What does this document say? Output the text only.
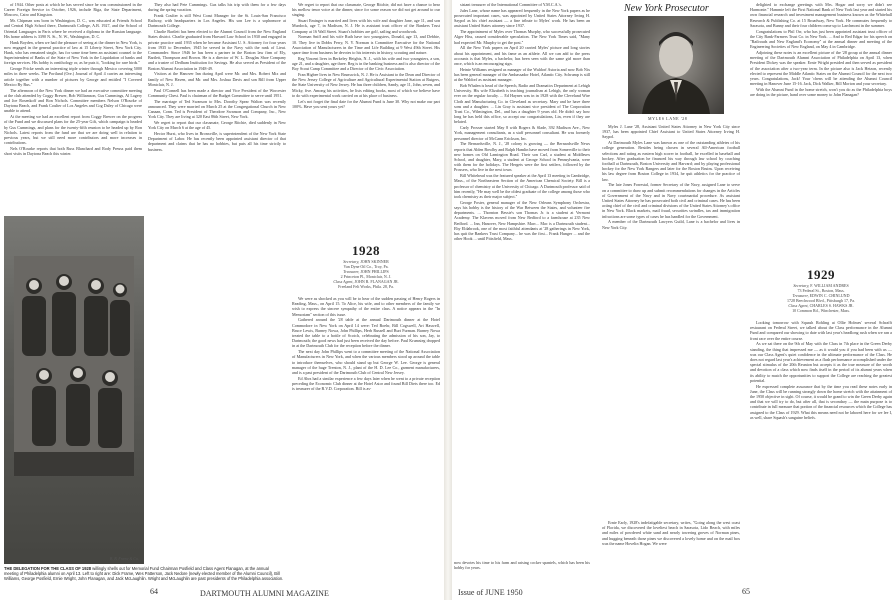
of 1944. Other posts at which he has served since he was commissioned in the Career Foreign Service in October, 1926, include Riga, the State Department, Moscow, Cairo and Kingston.

Mr. Chipman was born in Washington, D. C., was educated at Friends School and Central High School there, Dartmouth College, A.B. 1927, and the School of Oriental Languages in Paris where he received a diploma in the Russian language. His home address is 3390 N. St., N. W., Washington, D. C.

Hank Boyden, when we had the pleasure of seeing at the dinner in New York, is now engaged in the general practice of law at 15 Liberty Street, New York City. Hank, who has remained single, has for some time been an assistant counsel to the Superintendent of Banks of the State of New York in the Liquidation of banks and foreign services. His hobby is ornithology or, as he puts it, "looking for rare birds."

George Fricke sends an interesting triple winter through Mexico covering 5000 miles in three weeks. The Portland (Ore.) Journal of April 4 carries an interesting article together with a number of pictures by George and entitled "I Covered Mexico By Bus."

The afternoon of the New York dinner we had an executive committee meeting at the club attended by Coggy Brewer, Bob Williamson, Gus Cummings, Al Lagery and Joe Rosenkoff and Ron Nichols. Committee members Nelson O'Rourke of Daytona Beach, and Frank Coulter of Los Angeles and Cog Daley of Chicago were unable to attend.

At the meeting we had an excellent report from Coggy Brewer on the progress of the Fund and we discussed plans for the 25-year Gift, which campaign is headed by Gus Cummings, and plans for the twenty-fifth reunion to be headed up by Ron Nichols. Latest reports from the fund are that we are doing well in relation to previous years, but we still need more contributors and more increases in contributions.

Nels O'Rourke reports that both Russ Blanchard and Rody Preuss paid them short visits in Daytona Beach this winter.

B. B. Frame & Co.

They also had Pete Cummings. Gus talks his trip with them for a few days during the spring vacation.

Frank Coulter is still West Coast Manager for the St. Louis-San Francisco Railway, with headquarters in Los Angeles. His son Lee is a sophomore at Dartmouth College.

Charlie Bartlett has been elected to the Alumni Council from the New England States district. Charlie graduated from Harvard Law School in 1930 and engaged in private practice until 1935 when he became Assistant U. S. Attorney for four years from 1935 to December, 1945 he served in the Navy with the rank of Lieut. Commander. Since 1946 he has been a partner in the Boston law firm of Ely, Bartlett, Thompson and Brown. He is a director of W. L. Douglas Shoe Company and a trustee of Dedham Institution for Savings. He also served as President of the Boston Alumni Association in 1948-49.

Visitors at the Hanover Inn during April were Mr. and Mrs. Robert Mix and family of New Haven, and Mr. and Mrs. Joshua Davis and son Bill from Upper Montclair, N. J.

Paul O'Connell has been made a director and Vice President of the Worcester Community Chest. Paul is chairman of the Budget Committee to serve until 1951.

The marriage of Ted Swanson to Mrs. Dorothy Spear Walton was recently announced. They were married on March 25 at the Congregational Church in New Canaan, Conn. Ted is President of Theodore Swanson and Company, Inc., New York City. They are living at 320 East 86th Street, New York.

We regret to report that our classmate, George Ritchie, died suddenly in New York City on March 6 at the age of 45.

Hector Hurst, who lives in Bronxville, is superintendent of the New York State Department of Labor. He has recently been appointed assistant director of that department and claims that he has no hobbies, but puts all his time strictly to business.

We regret to report that our classmate, George Ritchie, did not have a chance to hear his mellow tenor voice at the dinner, since for some reason we did not get around to our singing.

Stuart Eminger is married and lives with his wife and daughter Jane, age 11, and son Murdock, age 7, in Madison, N. J. He is assistant trust officer of the Bankers Trust Company at 16 Wall Street. Stuart's hobbies are golf, sailing and woodwork.

Norman Sniff and his wife Ruth have two youngsters, Donald, age 13, and Debbie, 10. They live in Dobbs Ferry, N. Y. Norman is Committee Executive for the National Association of Manufacturers in the Time and Life Building at 9 West 49th Street. His spare time from business he devotes to his interests in history, scouting and nature.

Reg Vincent lives in Berkeley Heights, N. J., with his wife and two youngsters, a son, age 21, and a daughter, age three. Reg is in the banking business and is also director of the Boy Scout Camp Committee and a Director of the Civic Association.

Fran Higbee lives in New Brunswick, N. J. He is Assistant to the Dean and Director of the New Jersey College of Agriculture and Agricultural Experimental Station at Rutgers, the State University of New Jersey. He has three children, Sandy, age 11, John, seven, and Micky, five. Among his activities, he lists editing books, most of which we believe have to do with experimental work carried on at his place of business.

Let's not forget the final date for the Alumni Fund is June 30. Why not make our part 100%. Have you sent yours yet?

1928
Secretary, JOHN SKINNER
Van Dyne Oil Co., Troy, Pa.
Treasurer, JOHN PHILLIPS
2 Princeton Pl., Montclair, N. J.
Class Agent, JOHN R. FLANAGAN JR.
Freeland Felt Works, Phila. 28, Pa.

We were as shocked as you will be to hear of the sudden passing of Henry Rogers in Reading, Mass., on April 15. To Alice, his wife, and to other members of the family we wish to express the sincere sympathy of the entire class. A notice appears in the "In Memoriam" section of this issue.

Gathered around the '28 table at the annual Dartmouth dinner at the Hotel Commodore in New York on April 14 were: Ted Boehr, Bill Cogswell, Art Haswell, Bruce Lewis, Barney Nowa, John Phillips, Herb Russell and Burt Furman. Barney Nowa treated the table to a bottle of Scotch, celebrating the admission of his son, Jay, to Dartmouth; the good news had just been received the day before. Paul Krumsieg dropped in at the Dartmouth Club for the reception before the dinner.

The next day John Phillips went to a committee meeting of the National Association of Manufacturers in New York, and when the various members stood up around the table to introduce themselves, who should stand up but George W. Lee. George is general manager of the huge Trenton, N. J., plant of the H. D. Lee Co., garment manufacturers, and is a past president of the Dartmouth Club of Central New Jersey.

Ed Ahrs had a similar experience a few days later when he went to a private reception preceding the Economic Club dinner at the Hotel Astor and found Bill Diets there too. Ed is treasurer of the B.V.D. Corporation. Bill is as-

THE DELEGATION FOR THE CLASS OF 1928 willingly shells out for Memorial Fund Chairman Posfield and Class Agent Flanagan, at the annual meeting of Philadelphia alumni on April 13. Left to right are: Dick Frame, Wes Patterson, Jack Nedore (newly elected member of the Alumni Council), Bill Williams, George Posfield, Ernie Wright, John Flanagan, and Jack McLaughlin. Wright and McLaughlin are past presidents of the Philadelphia association.
64	DARTMOUTH ALUMNI MAGAZINE

sistant treasurer of the International Committee of Y.M.C.A.'s.

Jules Lane, whose name has appeared frequently in the New York papers as he prosecuted important cases, was appointed by United States Attorney Irving H. Saypol as his chief assistant — a fine tribute to Myles' work. He has been an assistant United States attorney since 1937.

The appointment of Myles over Thomas Murphy, who successfully prosecuted Alger Hiss, caused considerable speculation. The New York Times said, "Many had expected Mr. Murphy to get the post."

All the New York papers on April 20 carried Myles' picture and long stories about his appointment, and his fame as an athlete. All we can add to the press accounts is that Myles, a bachelor, has been seen with the same girl more than once, which is an encouraging sign.

Heinie Williams resigned as manager of the Waldorf Astoria and now Bob Nix has been general manager of the Ambassador Hotel, Atlantic City. Schrump is still at the Waldorf as assistant manager.

Bob Whalen is head of the Speech, Radio and Dramatics Department at Lehigh University. His wife Elizabeth is teaching journalism at Lehigh, the only woman ever on the regular faculty. ... Ed Haynes was in in 1928 with the Cleveland Wire Cloth and Manufacturing Co. in Cleveland as secretary. Mary and he have three sons and a daughter. ... Lin Gray is assistant vice president of The Corporation Trust Co., Wilmington, Del., and has a daughter 9 years old. He didn't say how long he has held this office, so accept our congratulations, Lin, even if they are belated.

Carly Prosser started May 8 with Rogers & Slade, 392 Madison Ave., New York, management consultants, as a staff personnel consultant. He was formerly personnel director of McCann Erickson, Inc.

The Bernardsville, N. J., '28 colony is growing — the Bernardsville News reports that Alden Bowlby and Ralph Hamlin have moved from Somerville to their new homes on Old Lamington Road. Their son Carl, a student at Middlesex School, and daughter, Mary, a student at George School in Pennsylvania, were with them for the holidays. The Hergets were the first settlers, followed by the Prossers, who live in the next town.

Bill Whitehead was the featured speaker at the April 13 meeting in Cambridge, Mass., of the Northeastern Section of the American Chemical Society. Bill is a professor of chemistry at the University of Chicago. A Dartmouth professor said of him recently, "He may well be the oldest graduate of the college among those who took chemistry as their major subject."

George Foster, general manager of the New Orleans Symphony Orchestra, says his hobby is the history of the War Between the States, and volunteer fire departments. ... Thornton Bessie's son Thomas Jr. is a student at Vermont Academy. The Klavens moved from New Bedford to a farmhouse at 235 New Bedford. ... Inn, Hanover, New Hampshire. Marc... Mac is a Dartmouth student... Eby Eldabrook, one of the most faithful attendants at '28 gatherings in New York, has quit the Bankers Trust Company... he was the first... Frank Hunger ... and the other Hook ... until Pittsfield, Mass.

now devotes his time to his farm and raising cocker spaniels, which has been his hobby for years.

New York Prosecutor
MYLES LANE '28

Myles J. Lane '28, Assistant United States Attorney in New York City since 1937, has been appointed Chief Assistant to United States Attorney Irving H. Saypol.

At Dartmouth Myles Lane was known as one of the outstanding athletes of his college generation. Besides being chosen in several All-American football selections and rating as eastern high scorer in football, he excelled in baseball and hockey. After graduation he financed his way through law school by coaching football at Dartmouth, Boston University and Harvard; and by playing professional hockey for the New York Rangers and later for the Boston Bruins. Upon receiving his law degree from Boston College in 1934, he quit athletics for the practice of law.

The late Jones Forrestal, former Secretary of the Navy, assigned Lane to serve on a committee to draw up and submit recommendations for changes in the Articles of Government of the Navy and in Navy courtmartial procedure. As assistant United States Attorney he has prosecuted both civil and criminal cases. He has been acting chief of the civil and criminal divisions of the United States Attorney's office in New York. Black markets, mail fraud, securities swindles, tax and immigration infractions are some types of cases he has handled for the Government.

A member of the Dartmouth Lawyers Guild, Lane is a bachelor and lives in New York City.

Ernie Early, 1928's indefatigable secretary, writes, "Going along the west coast of Florida, we discovered the loveliest beach in Sarasota, Lido Beach, with miles and miles of powdered white sand and nearly towering groves of Norman pines, and hugging beneath those pines we discovered a lovely home and on the mail box was the name Hovelin Hogan. We were

delighted to exchange greetings with Mrs. Hogar and sorry we didn't see Harmonie." Hammie left the First National Bank of New York last year and started his own financial research and investment management business known as the Whitehall Research & Publishing Co. at 15 Broadway, New York. He commutes frequently to Sarasota, and Bunny and their four children come up to Larchmont in the summer.

Congratulations to Phil Orr, who has just been appointed assistant trust officer of the City Bank-Farmers Trust Co. in New York. ... And to Red Edgar for his speech on "Railroads and New England's Economy" at the annual dinner and meeting of the Engineering Societies of New England, on May 4 in Cambridge.

Adjoining these notes is an excellent picture of the '28 group at the annual dinner meeting of the Dartmouth Alumni Association of Philadelphia on April 13, when President Dickey was the speaker. Ernie Wright presided and then served as president of the association after a two-year term. In the picture also is Jack Hetzon, recently elected to represent the Middle Atlantic States on the Alumni Council for the next two years. Congratulations, Jack! Your 'chens will be attending the Alumni Council meeting in Hanover June 15-16. Jack, Dick Walker, Bill Morton and your secretary.

With the Alumni Fund in the home stretch, won't you do as the Philadelphia boys are doing in the picture, hand over some money to John Flanagan?

1929
Secretary, F. WILLIAM ANDRES
73 Federal St., Boston, Mass.
Treasurer, EDWIN C. CHINLUND
1728 Beechwood Blvd., Pittsburgh 17, Pa.
Class Agent, CHARLES S. HAWKS JR.
10 Common Rd., Winchester, Mass.

Looking tomorrow with Squash Rohling at Ollie Holmes' several Schrafft restaurant on Federal Street, we talked about the Class performance in the Alumni Fund and compared our showing to date with last year's headlong rush when we ran a front race over the entire course.

As we sat there on the 9th of May with the Class in 7th place in the Green Derby standing, the thing that impressed me — as it would you if you had been with us — was our Class Agent's quiet confidence in the ultimate performance of the Class. He does not regard last year's achievement as a flash performance accomplished under the special stimulus of the 20th Reunion but accepts it as the true measure of the worth and devotion of a class which now finds itself in the period of its alumni years when its ability to match the opportunities to support the College are reaching the greatest potential.

He expressed complete assurance that by the time you read these notes early in June, the Class will be running strongly down the home stretch with the attainment of the 1950 objective in sight. Of course, it would be grand to win the Green Derby again and that we will try to do, but after all, that is secondary — the main purpose is to contribute in full measure that portion of the financial resources which the College has assigned to the Class of 1929. What this means need not be labored here for we lee I, as well, share Squash's sanguine beliefs.

Issue of JUNE 1950	65
